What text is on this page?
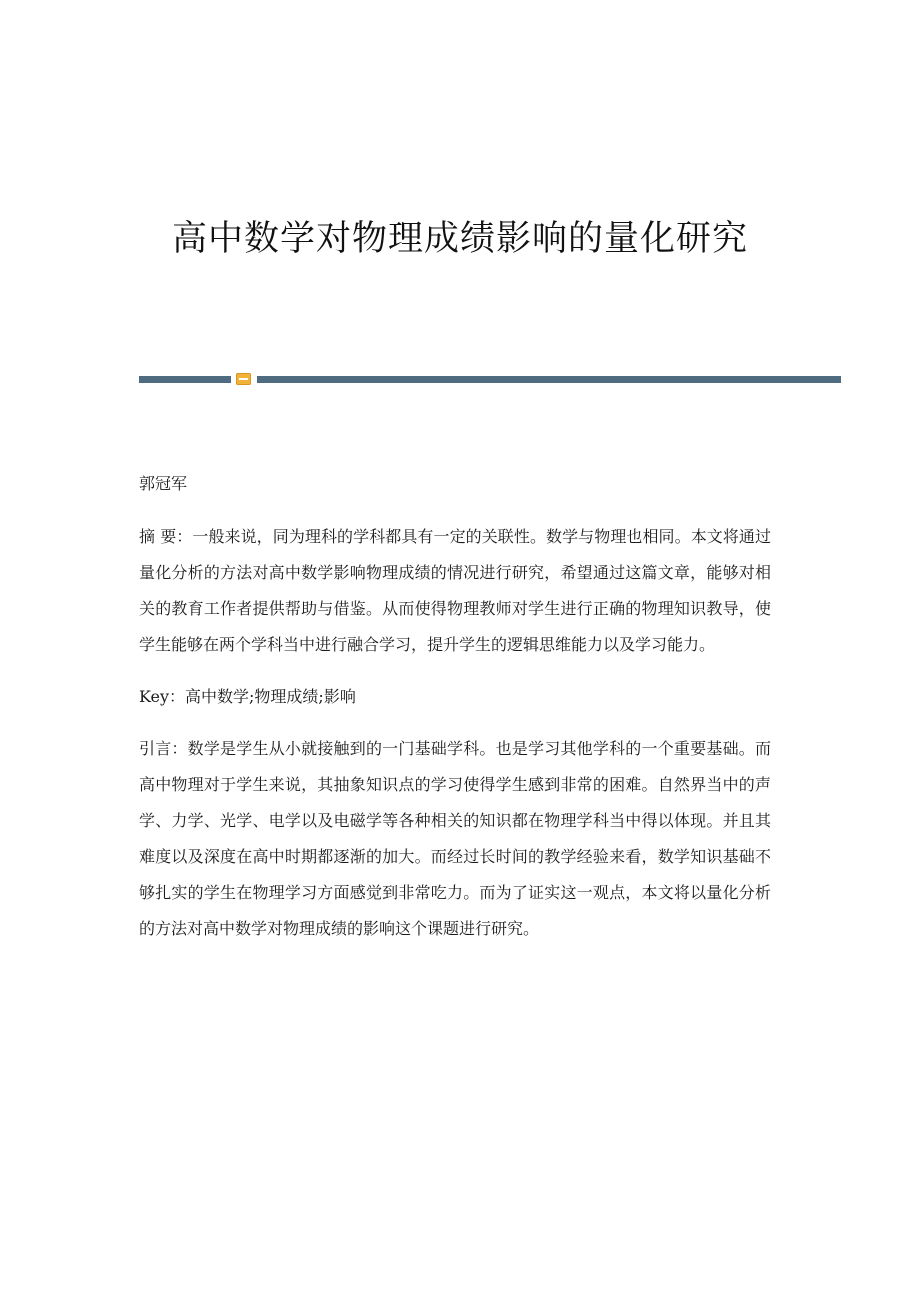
高中数学对物理成绩影响的量化研究

郭冠军

摘 要：一般来说，同为理科的学科都具有一定的关联性。数学与物理也相同。本文将通过量化分析的方法对高中数学影响物理成绩的情况进行研究，希望通过这篇文章，能够对相关的教育工作者提供帮助与借鉴。从而使得物理教师对学生进行正确的物理知识教导，使学生能够在两个学科当中进行融合学习，提升学生的逻辑思维能力以及学习能力。

Key：高中数学;物理成绩;影响

引言：数学是学生从小就接触到的一门基础学科。也是学习其他学科的一个重要基础。而高中物理对于学生来说，其抽象知识点的学习使得学生感到非常的困难。自然界当中的声学、力学、光学、电学以及电磁学等各种相关的知识都在物理学科当中得以体现。并且其难度以及深度在高中时期都逐渐的加大。而经过长时间的教学经验来看，数学知识基础不够扎实的学生在物理学习方面感觉到非常吃力。而为了证实这一观点，本文将以量化分析的方法对高中数学对物理成绩的影响这个课题进行研究。
